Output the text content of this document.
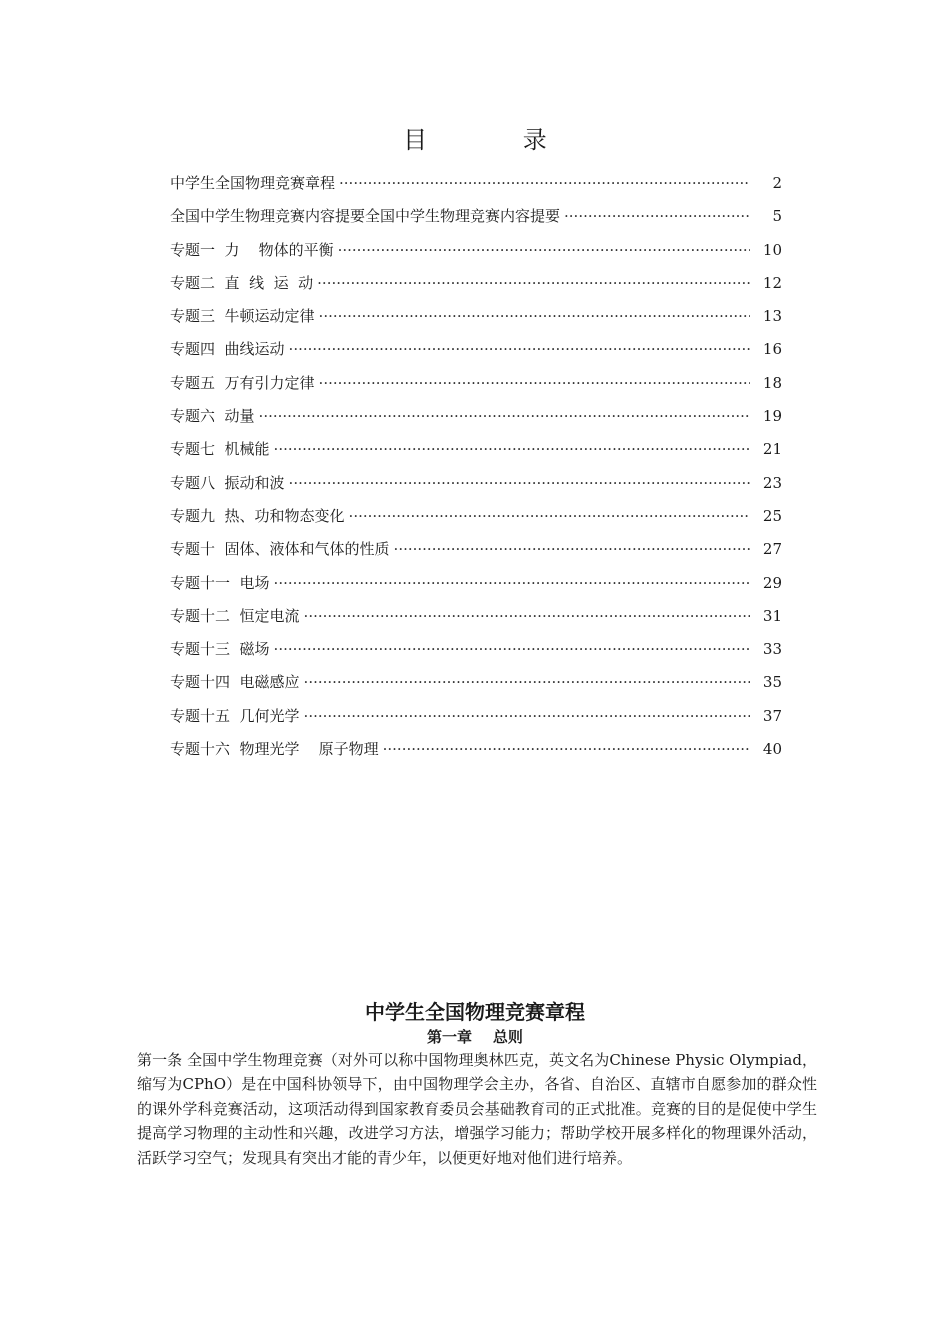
目 录
中学生全国物理竞赛章程 ·····	2
全国中学生物理竞赛内容提要全国中学生物理竞赛内容提要 ·····	5
专题一  力    物体的平衡 ·····	10
专题二  直  线  运  动 ·····	12
专题三  牛顿运动定律 ·····	13
专题四  曲线运动 ·····	16
专题五  万有引力定律 ·····	18
专题六  动量 ·····	19
专题七  机械能 ·····	21
专题八  振动和波 ·····	23
专题九  热、功和物态变化 ·····	25
专题十  固体、液体和气体的性质 ·····	27
专题十一  电场 ·····	29
专题十二  恒定电流 ·····	31
专题十三  磁场 ·····	33
专题十四  电磁感应 ·····	35
专题十五  几何光学 ·····	37
专题十六  物理光学    原子物理 ·····	40
中学生全国物理竞赛章程
第一章    总则

第一条 全国中学生物理竞赛（对外可以称中国物理奥林匹克，英文名为Chinese Physic Olympiad，缩写为CPhO）是在中国科协领导下，由中国物理学会主办，各省、自治区、直辖市自愿参加的群众性的课外学科竞赛活动，这项活动得到国家教育委员会基础教育司的正式批准。竞赛的目的是促使中学生提高学习物理的主动性和兴趣，改进学习方法，增强学习能力；帮助学校开展多样化的物理课外活动，活跃学习空气；发现具有突出才能的青少年，以便更好地对他们进行培养。
